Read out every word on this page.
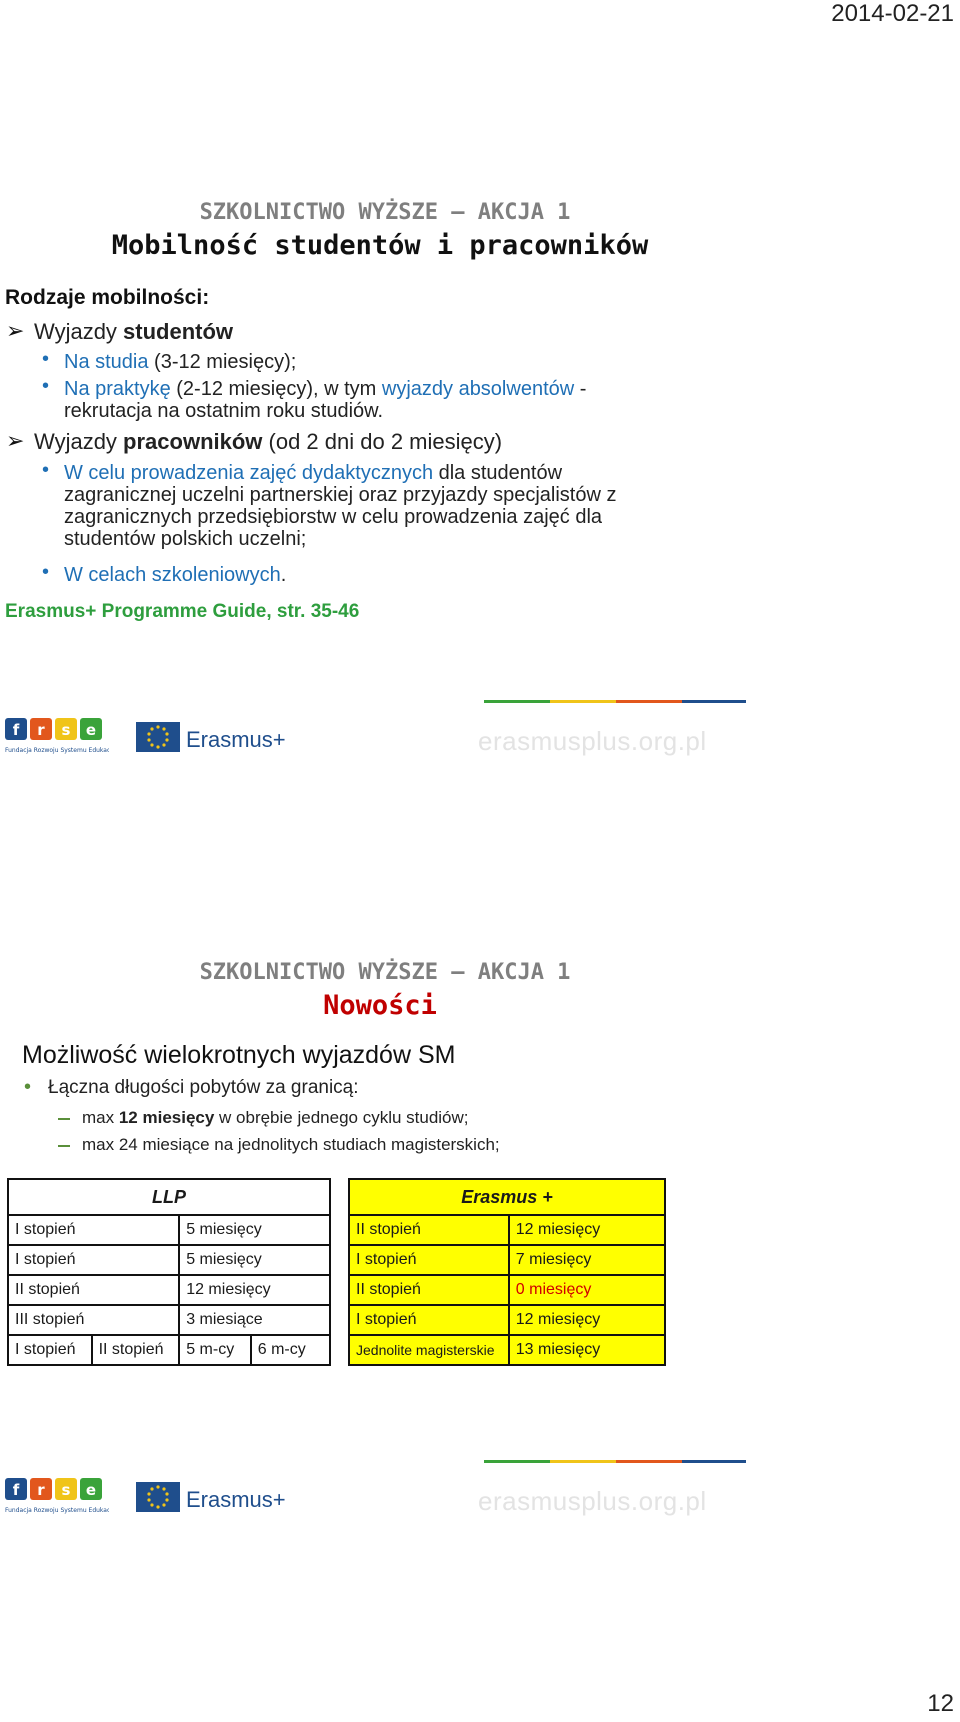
2014-02-21
SZKOLNICTWO WYŻSZE – AKCJA 1
Mobilność studentów i pracowników
Rodzaje mobilności:
➢ Wyjazdy studentów
• Na studia (3-12 miesięcy);
• Na praktykę (2-12 miesięcy), w tym wyjazdy absolwentów -
rekrutacja na ostatnim roku studiów.
➢ Wyjazdy pracowników (od 2 dni do 2 miesięcy)
• W celu prowadzenia zajęć dydaktycznych dla studentów
zagranicznej uczelni partnerskiej oraz przyjazdy specjalistów z
zagranicznych przedsiębiorstw w celu prowadzenia zajęć dla
studentów polskich uczelni;
• W celach szkoleniowych.
Erasmus+ Programme Guide, str. 35-46
f r s e
Fundacja Rozwoju Systemu Edukacji	Erasmus+	erasmusplus.org.pl
SZKOLNICTWO WYŻSZE – AKCJA 1
Nowości
Możliwość wielokrotnych wyjazdów SM
• Łączna długości pobytów za granicą:
max 12 miesięcy w obrębie jednego cyklu studiów;
max 24 miesiące na jednolitych studiach magisterskich;
LLP			
I stopień		5 miesięcy	
I stopień		5 miesięcy	
II stopień		12 miesięcy	
III stopień		3 miesiące	
I stopień	II stopień	5 m-cy	6 m-cy
Erasmus +	
II stopień	12 miesięcy
I stopień	7 miesięcy
II stopień	0 miesięcy
I stopień	12 miesięcy
Jednolite magisterskie	13 miesięcy
f r s e
Fundacja Rozwoju Systemu Edukacji	Erasmus+	erasmusplus.org.pl
12
